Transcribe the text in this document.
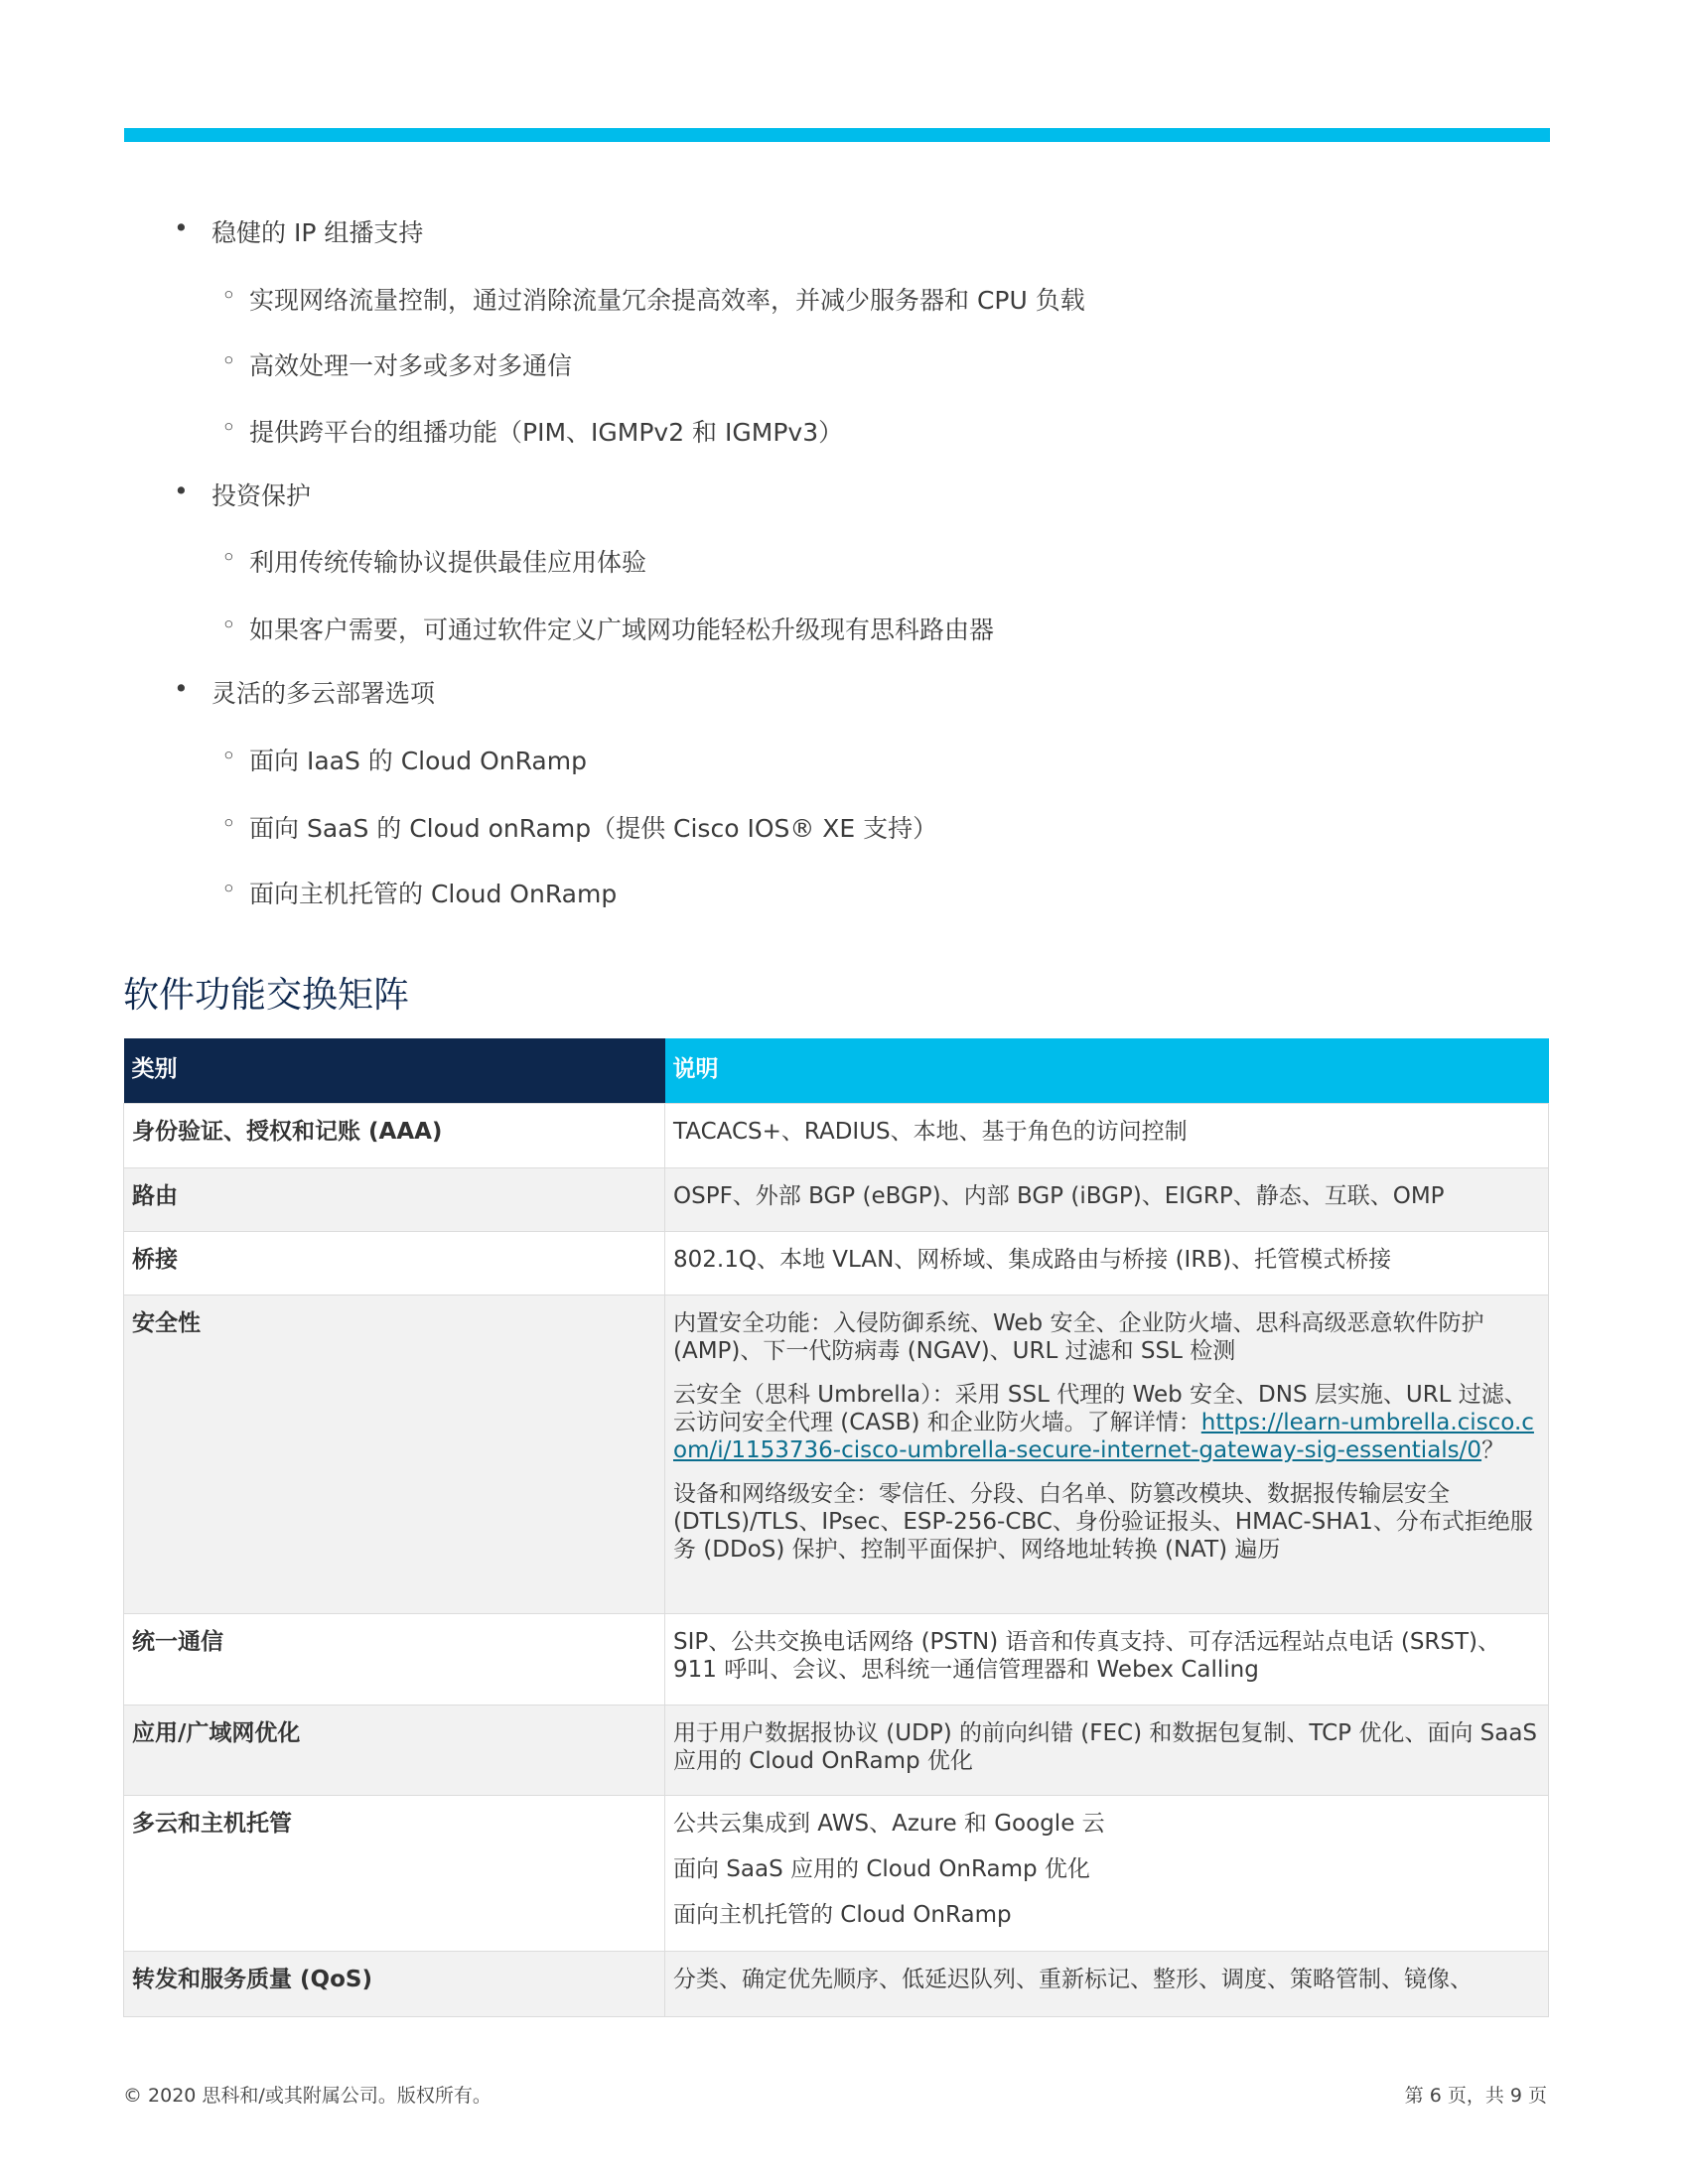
• 稳健的 IP 组播支持
◦ 实现网络流量控制，通过消除流量冗余提高效率，并减少服务器和 CPU 负载
◦ 高效处理一对多或多对多通信
◦ 提供跨平台的组播功能（PIM、IGMPv2 和 IGMPv3）
• 投资保护
◦ 利用传统传输协议提供最佳应用体验
◦ 如果客户需要，可通过软件定义广域网功能轻松升级现有思科路由器
• 灵活的多云部署选项
◦ 面向 IaaS 的 Cloud OnRamp
◦ 面向 SaaS 的 Cloud onRamp（提供 Cisco IOS® XE 支持）
◦ 面向主机托管的 Cloud OnRamp
软件功能交换矩阵
类别	说明
身份验证、授权和记账 (AAA)	TACACS+、RADIUS、本地、基于角色的访问控制
路由	OSPF、外部 BGP (eBGP)、内部 BGP (iBGP)、EIGRP、静态、互联、OMP
桥接	802.1Q、本地 VLAN、网桥域、集成路由与桥接 (IRB)、托管模式桥接
安全性	内置安全功能：入侵防御系统、Web 安全、企业防火墙、思科高级恶意软件防护 (AMP)、下一代防病毒 (NGAV)、URL 过滤和 SSL 检测

云安全（思科 Umbrella）：采用 SSL 代理的 Web 安全、DNS 层实施、URL 过滤、云访问安全代理 (CASB) 和企业防火墙。了解详情：https://learn-umbrella.cisco.com/i/1153736-cisco-umbrella-secure-internet-gateway-sig-essentials/0？

设备和网络级安全：零信任、分段、白名单、防篡改模块、数据报传输层安全 (DTLS)/TLS、IPsec、ESP-256-CBC、身份验证报头、HMAC-SHA1、分布式拒绝服务 (DDoS) 保护、控制平面保护、网络地址转换 (NAT) 遍历

统一通信	SIP、公共交换电话网络 (PSTN) 语音和传真支持、可存活远程站点电话 (SRST)、911 呼叫、会议、思科统一通信管理器和 Webex Calling
应用/广域网优化	用于用户数据报协议 (UDP) 的前向纠错 (FEC) 和数据包复制、TCP 优化、面向 SaaS 应用的 Cloud OnRamp 优化
多云和主机托管	公共云集成到 AWS、Azure 和 Google 云

面向 SaaS 应用的 Cloud OnRamp 优化

面向主机托管的 Cloud OnRamp

转发和服务质量 (QoS)	分类、确定优先顺序、低延迟队列、重新标记、整形、调度、策略管制、镜像、
© 2020 思科和/或其附属公司。版权所有。	第 6 页，共 9 页
